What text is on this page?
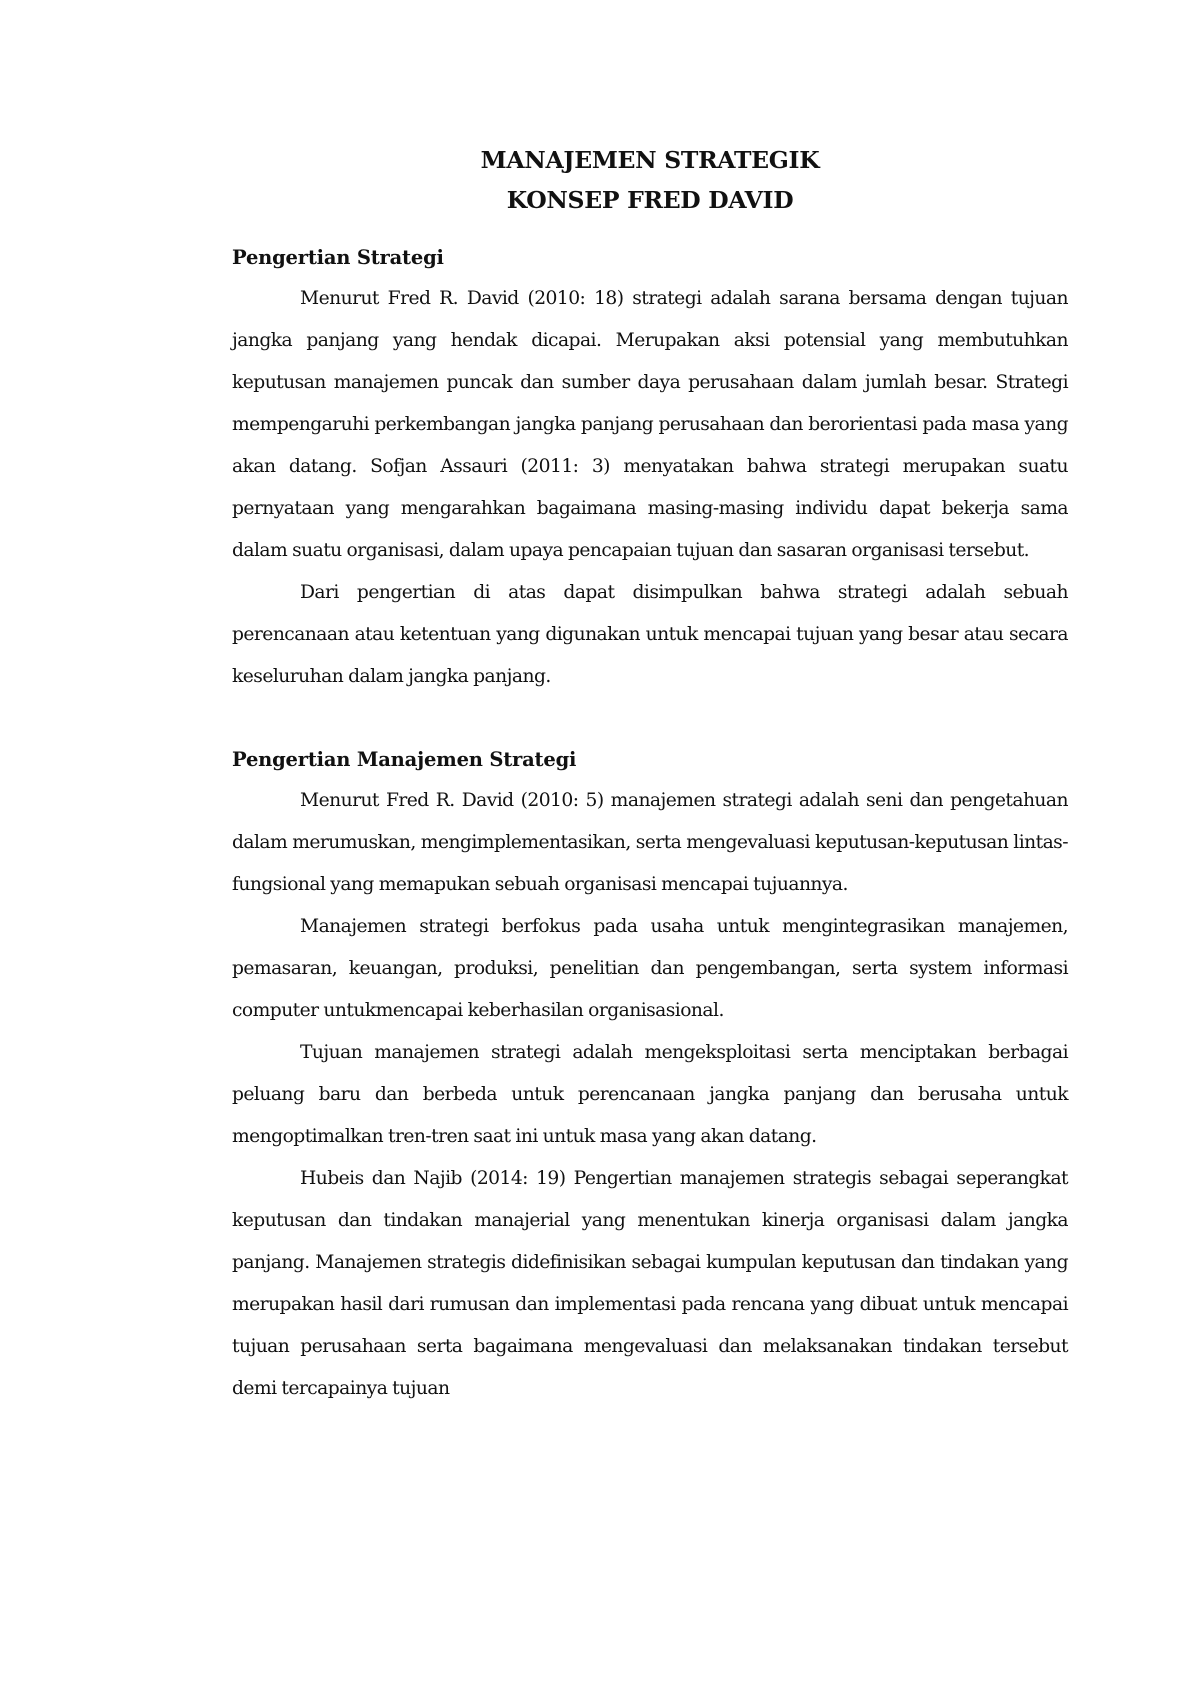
MANAJEMEN STRATEGIK
KONSEP FRED DAVID
Pengertian Strategi

Menurut Fred R. David (2010: 18) strategi adalah sarana bersama dengan tujuan jangka panjang yang hendak dicapai. Merupakan aksi potensial yang membutuhkan keputusan manajemen puncak dan sumber daya perusahaan dalam jumlah besar. Strategi mempengaruhi perkembangan jangka panjang perusahaan dan berorientasi pada masa yang akan datang. Sofjan Assauri (2011: 3) menyatakan bahwa strategi merupakan suatu pernyataan yang mengarahkan bagaimana masing-masing individu dapat bekerja sama dalam suatu organisasi, dalam upaya pencapaian tujuan dan sasaran organisasi tersebut.

Dari pengertian di atas dapat disimpulkan bahwa strategi adalah sebuah perencanaan atau ketentuan yang digunakan untuk mencapai tujuan yang besar atau secara keseluruhan dalam jangka panjang.

Pengertian Manajemen Strategi

Menurut Fred R. David (2010: 5) manajemen strategi adalah seni dan pengetahuan dalam merumuskan, mengimplementasikan, serta mengevaluasi keputusan-keputusan lintas-fungsional yang memapukan sebuah organisasi mencapai tujuannya.

Manajemen strategi berfokus pada usaha untuk mengintegrasikan manajemen, pemasaran, keuangan, produksi, penelitian dan pengembangan, serta system informasi computer untukmencapai keberhasilan organisasional.

Tujuan manajemen strategi adalah mengeksploitasi serta menciptakan berbagai peluang baru dan berbeda untuk perencanaan jangka panjang dan berusaha untuk mengoptimalkan tren-tren saat ini untuk masa yang akan datang.

Hubeis dan Najib (2014: 19) Pengertian manajemen strategis sebagai seperangkat keputusan dan tindakan manajerial yang menentukan kinerja organisasi dalam jangka panjang. Manajemen strategis didefinisikan sebagai kumpulan keputusan dan tindakan yang merupakan hasil dari rumusan dan implementasi pada rencana yang dibuat untuk mencapai tujuan perusahaan serta bagaimana mengevaluasi dan melaksanakan tindakan tersebut demi tercapainya tujuan
